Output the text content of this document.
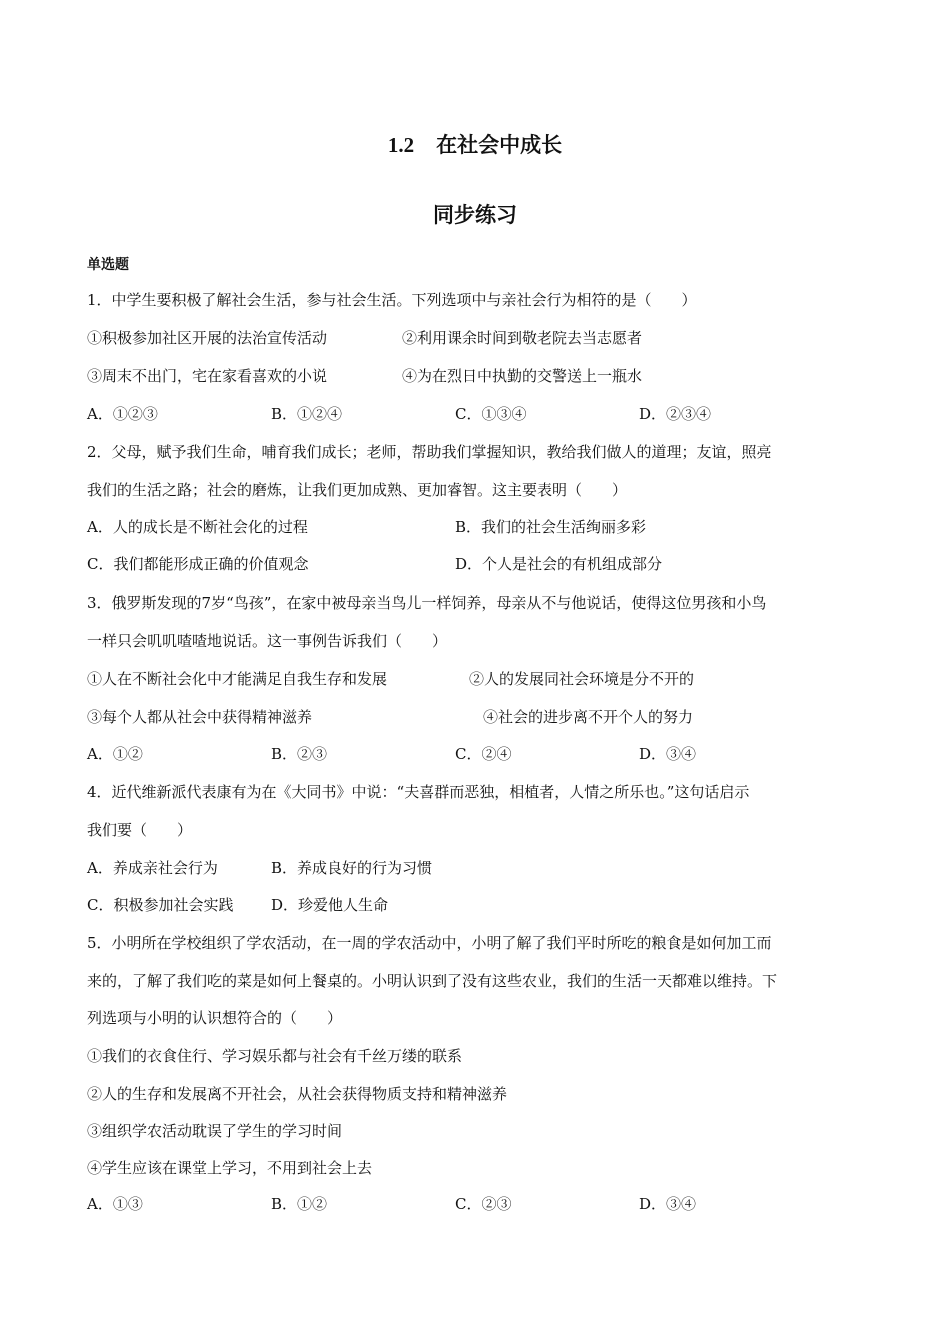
1.2 在社会中成长
同步练习
单选题
1．中学生要积极了解社会生活，参与社会生活。下列选项中与亲社会行为相符的是（　　）
①积极参加社区开展的法治宣传活动	②利用课余时间到敬老院去当志愿者
③周末不出门，宅在家看喜欢的小说	④为在烈日中执勤的交警送上一瓶水
A．①②③	B．①②④	C．①③④	D．②③④
2．父母，赋予我们生命，哺育我们成长；老师，帮助我们掌握知识，教给我们做人的道理；友谊，照亮
我们的生活之路；社会的磨炼，让我们更加成熟、更加睿智。这主要表明（　　）
A．人的成长是不断社会化的过程	B．我们的社会生活绚丽多彩
C．我们都能形成正确的价值观念	D．个人是社会的有机组成部分
3．俄罗斯发现的7岁“鸟孩”，在家中被母亲当鸟儿一样饲养，母亲从不与他说话，使得这位男孩和小鸟
一样只会叽叽喳喳地说话。这一事例告诉我们（　　）
①人在不断社会化中才能满足自我生存和发展	②人的发展同社会环境是分不开的
③每个人都从社会中获得精神滋养	④社会的进步离不开个人的努力
A．①②	B．②③	C．②④	D．③④
4．近代维新派代表康有为在《大同书》中说：“夫喜群而恶独，相植者，人情之所乐也。”这句话启示
我们要（　　）
A．养成亲社会行为	B．养成良好的行为习惯
C．积极参加社会实践	D．珍爱他人生命
5．小明所在学校组织了学农活动，在一周的学农活动中，小明了解了我们平时所吃的粮食是如何加工而
来的，了解了我们吃的菜是如何上餐桌的。小明认识到了没有这些农业，我们的生活一天都难以维持。下
列选项与小明的认识想符合的（　　）
①我们的衣食住行、学习娱乐都与社会有千丝万缕的联系
②人的生存和发展离不开社会，从社会获得物质支持和精神滋养
③组织学农活动耽误了学生的学习时间
④学生应该在课堂上学习，不用到社会上去
A．①③	B．①②	C．②③	D．③④
